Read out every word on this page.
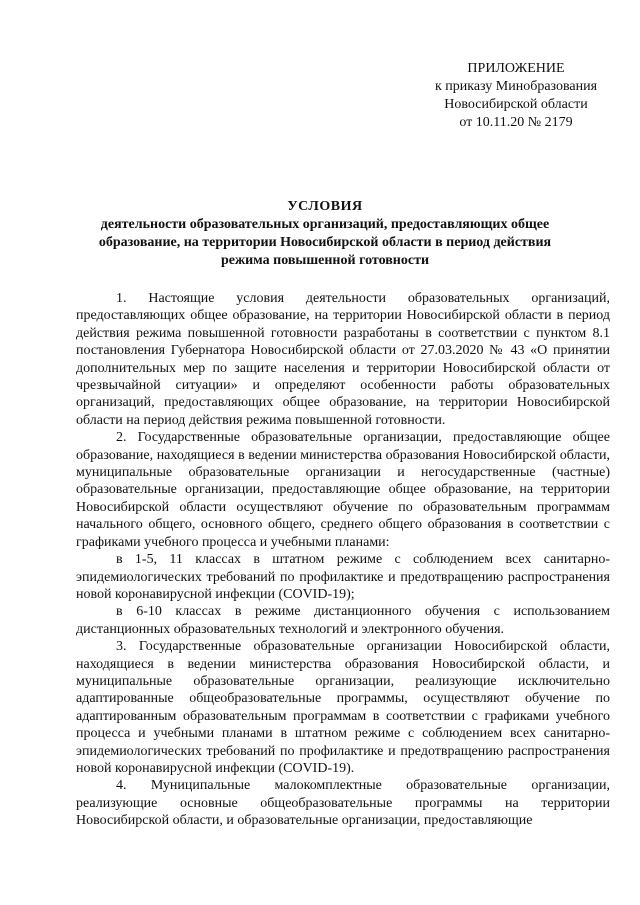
ПРИЛОЖЕНИЕ
к приказу Минобразования
Новосибирской области
от 10.11.20 № 2179
УСЛОВИЯ
деятельности образовательных организаций, предоставляющих общее
образование, на территории Новосибирской области в период действия
режима повышенной готовности

1. Настоящие условия деятельности образовательных организаций, предоставляющих общее образование, на территории Новосибирской области в период действия режима повышенной готовности разработаны в соответствии с пунктом 8.1 постановления Губернатора Новосибирской области от 27.03.2020 № 43 «О принятии дополнительных мер по защите населения и территории Новосибирской области от чрезвычайной ситуации» и определяют особенности работы образовательных организаций, предоставляющих общее образование, на территории Новосибирской области на период действия режима повышенной готовности.

2. Государственные образовательные организации, предоставляющие общее образование, находящиеся в ведении министерства образования Новосибирской области, муниципальные образовательные организации и негосударственные (частные) образовательные организации, предоставляющие общее образование, на территории Новосибирской области осуществляют обучение по образовательным программам начального общего, основного общего, среднего общего образования в соответствии с графиками учебного процесса и учебными планами:

в 1-5, 11 классах в штатном режиме с соблюдением всех санитарно-эпидемиологических требований по профилактике и предотвращению распространения новой коронавирусной инфекции (COVID-19);

в 6-10 классах в режиме дистанционного обучения с использованием дистанционных образовательных технологий и электронного обучения.

3. Государственные образовательные организации Новосибирской области, находящиеся в ведении министерства образования Новосибирской области, и муниципальные образовательные организации, реализующие исключительно адаптированные общеобразовательные программы, осуществляют обучение по адаптированным образовательным программам в соответствии с графиками учебного процесса и учебными планами в штатном режиме с соблюдением всех санитарно-эпидемиологических требований по профилактике и предотвращению распространения новой коронавирусной инфекции (COVID-19).

4. Муниципальные малокомплектные образовательные организации, реализующие основные общеобразовательные программы на территории Новосибирской области, и образовательные организации, предоставляющие
